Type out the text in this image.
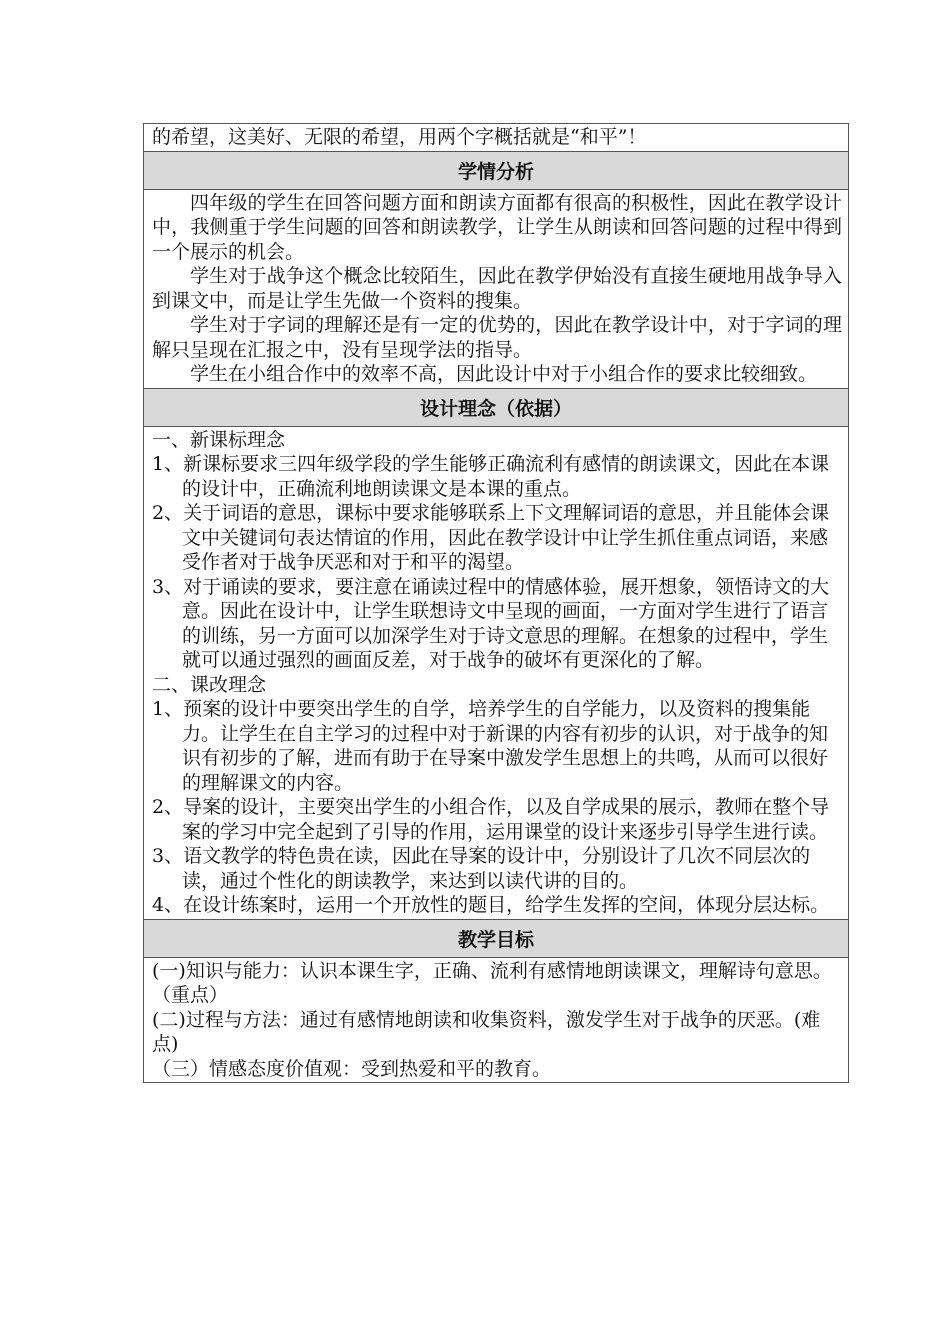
的希望，这美好、无限的希望，用两个字概括就是“和平”！

学情分析

四年级的学生在回答问题方面和朗读方面都有很高的积极性，因此在教学设计中，我侧重于学生问题的回答和朗读教学，让学生从朗读和回答问题的过程中得到一个展示的机会。

学生对于战争这个概念比较陌生，因此在教学伊始没有直接生硬地用战争导入到课文中，而是让学生先做一个资料的搜集。

学生对于字词的理解还是有一定的优势的，因此在教学设计中，对于字词的理解只呈现在汇报之中，没有呈现学法的指导。

学生在小组合作中的效率不高，因此设计中对于小组合作的要求比较细致。

设计理念（依据）

一、新课标理念

1、新课标要求三四年级学段的学生能够正确流利有感情的朗读课文，因此在本课的设计中，正确流利地朗读课文是本课的重点。

2、关于词语的意思，课标中要求能够联系上下文理解词语的意思，并且能体会课文中关键词句表达情谊的作用，因此在教学设计中让学生抓住重点词语，来感受作者对于战争厌恶和对于和平的渴望。

3、对于诵读的要求，要注意在诵读过程中的情感体验，展开想象，领悟诗文的大意。因此在设计中，让学生联想诗文中呈现的画面，一方面对学生进行了语言的训练，另一方面可以加深学生对于诗文意思的理解。在想象的过程中，学生就可以通过强烈的画面反差，对于战争的破坏有更深化的了解。

二、课改理念

1、预案的设计中要突出学生的自学，培养学生的自学能力，以及资料的搜集能力。让学生在自主学习的过程中对于新课的内容有初步的认识，对于战争的知识有初步的了解，进而有助于在导案中激发学生思想上的共鸣，从而可以很好的理解课文的内容。

2、导案的设计，主要突出学生的小组合作，以及自学成果的展示，教师在整个导案的学习中完全起到了引导的作用，运用课堂的设计来逐步引导学生进行读。

3、语文教学的特色贵在读，因此在导案的设计中，分别设计了几次不同层次的读，通过个性化的朗读教学，来达到以读代讲的目的。

4、在设计练案时，运用一个开放性的题目，给学生发挥的空间，体现分层达标。

教学目标

(一)知识与能力：认识本课生字，正确、流利有感情地朗读课文，理解诗句意思。（重点）

(二)过程与方法：通过有感情地朗读和收集资料，激发学生对于战争的厌恶。(难点)

（三）情感态度价值观：受到热爱和平的教育。
